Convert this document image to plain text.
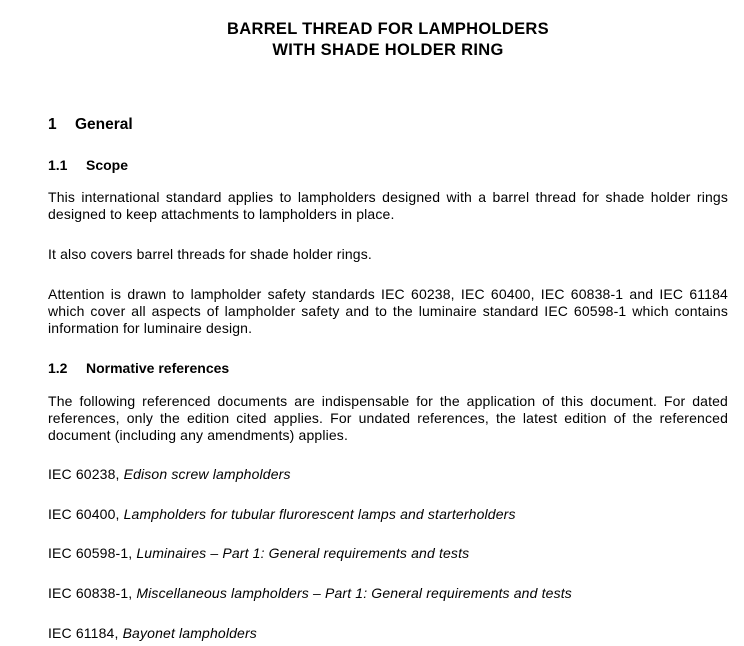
BARREL THREAD FOR LAMPHOLDERS
WITH SHADE HOLDER RING
1 General
1.1 Scope
This international standard applies to lampholders designed with a barrel thread for shade holder rings designed to keep attachments to lampholders in place.
It also covers barrel threads for shade holder rings.
Attention is drawn to lampholder safety standards IEC 60238, IEC 60400, IEC 60838-1 and IEC 61184 which cover all aspects of lampholder safety and to the luminaire standard IEC 60598-1 which contains information for luminaire design.
1.2 Normative references
The following referenced documents are indispensable for the application of this document. For dated references, only the edition cited applies. For undated references, the latest edition of the referenced document (including any amendments) applies.
IEC 60238, Edison screw lampholders
IEC 60400, Lampholders for tubular flurorescent lamps and starterholders
IEC 60598-1, Luminaires – Part 1: General requirements and tests
IEC 60838-1, Miscellaneous lampholders – Part 1: General requirements and tests
IEC 61184, Bayonet lampholders
